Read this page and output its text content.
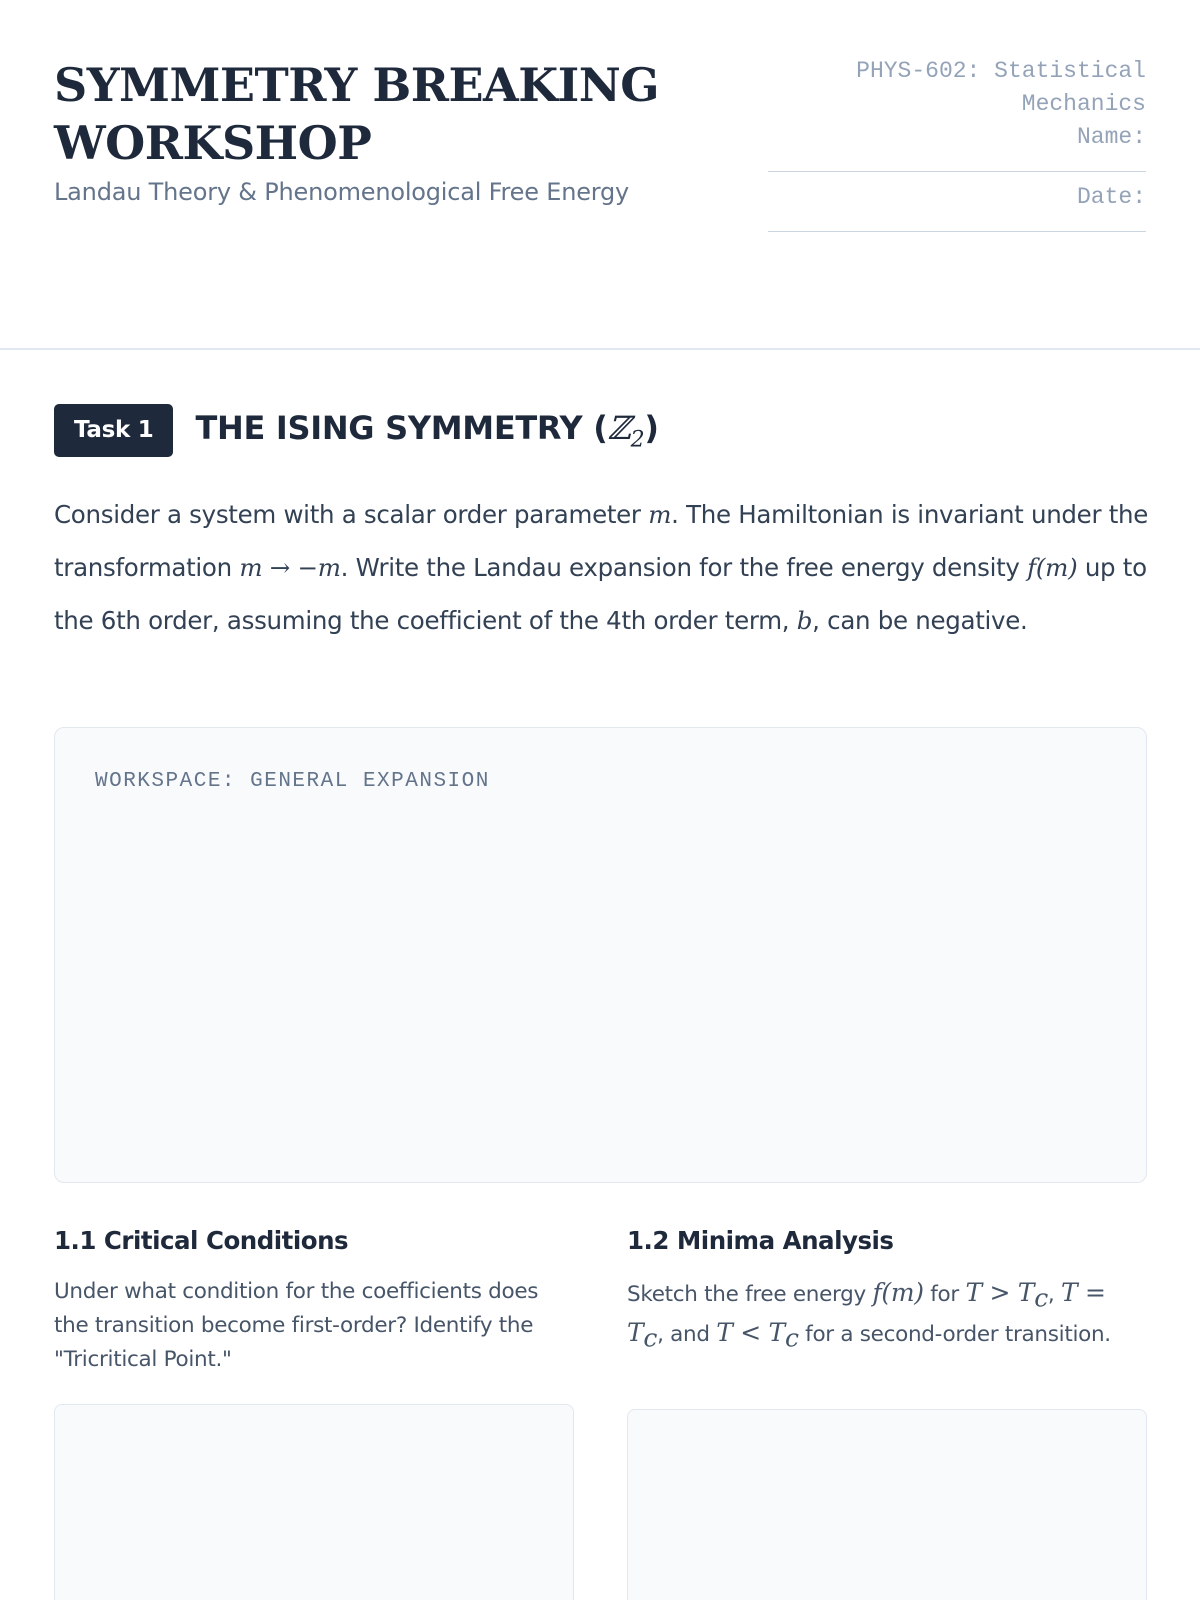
SYMMETRY BREAKING WORKSHOP
Landau Theory & Phenomenological Free Energy
PHYS-602: Statistical Mechanics
Name:
Date:
Task 1	THE ISING SYMMETRY (ℤ$_2$)

Consider a system with a scalar order parameter m. The Hamiltonian is invariant under the transformation m → −m. Write the Landau expansion for the free energy density f(m) up to the 6th order, assuming the coefficient of the 4th order term, b, can be negative.

WORKSPACE: GENERAL EXPANSION
1.1 Critical Conditions

Under what condition for the coefficients does the transition become first-order? Identify the "Tricritical Point."

1.2 Minima Analysis

Sketch the free energy f(m) for $T > T_c$, $T = T_c$, and $T < T_c$ for a second-order transition.
